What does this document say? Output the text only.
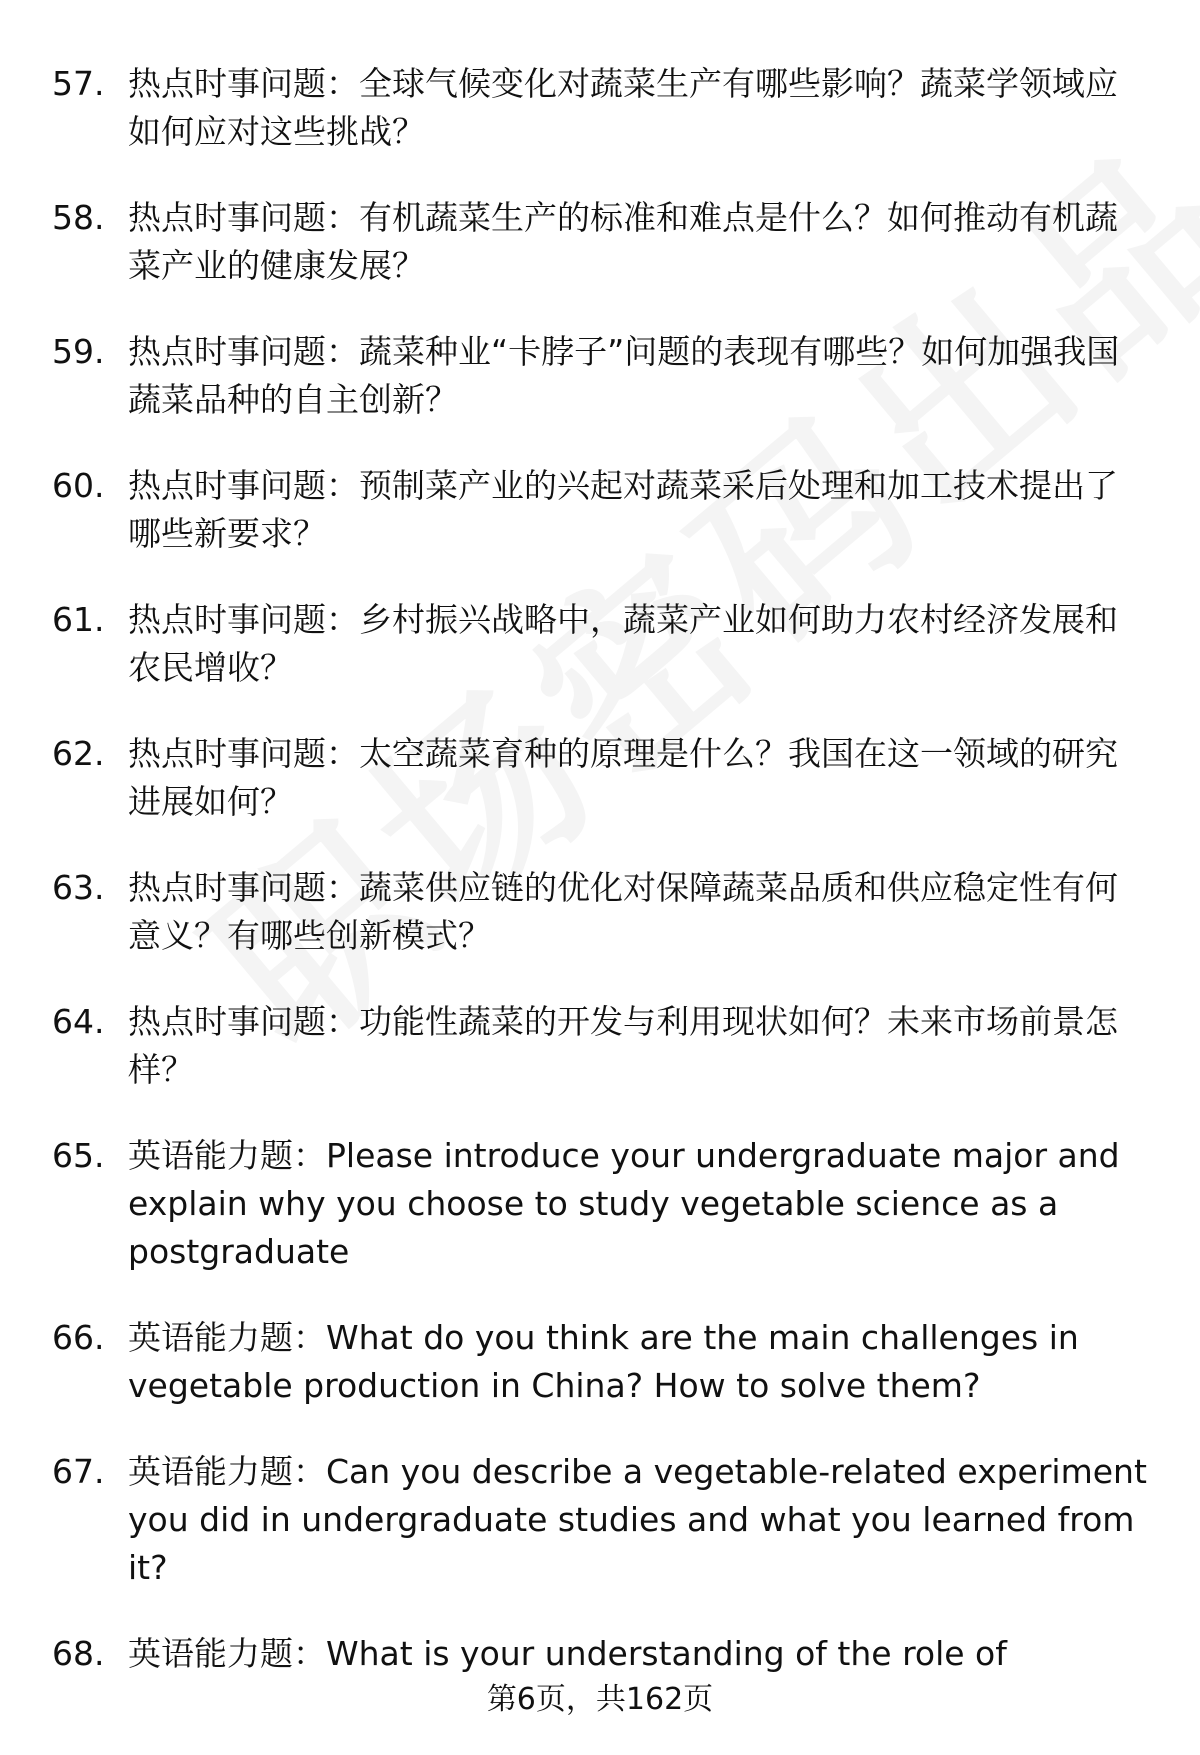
57. 热点时事问题：全球气候变化对蔬菜生产有哪些影响？蔬菜学领域应如何应对这些挑战？
58. 热点时事问题：有机蔬菜生产的标准和难点是什么？如何推动有机蔬菜产业的健康发展？
59. 热点时事问题：蔬菜种业“卡脖子”问题的表现有哪些？如何加强我国蔬菜品种的自主创新？
60. 热点时事问题：预制菜产业的兴起对蔬菜采后处理和加工技术提出了哪些新要求？
61. 热点时事问题：乡村振兴战略中，蔬菜产业如何助力农村经济发展和农民增收？
62. 热点时事问题：太空蔬菜育种的原理是什么？我国在这一领域的研究进展如何？
63. 热点时事问题：蔬菜供应链的优化对保障蔬菜品质和供应稳定性有何意义？有哪些创新模式？
64. 热点时事问题：功能性蔬菜的开发与利用现状如何？未来市场前景怎样？
65. 英语能力题：Please introduce your undergraduate major and explain why you choose to study vegetable science as a postgraduate
66. 英语能力题：What do you think are the main challenges in vegetable production in China? How to solve them?
67. 英语能力题：Can you describe a vegetable-related experiment you did in undergraduate studies and what you learned from it?
68. 英语能力题：What is your understanding of the role of
第6页，共162页
